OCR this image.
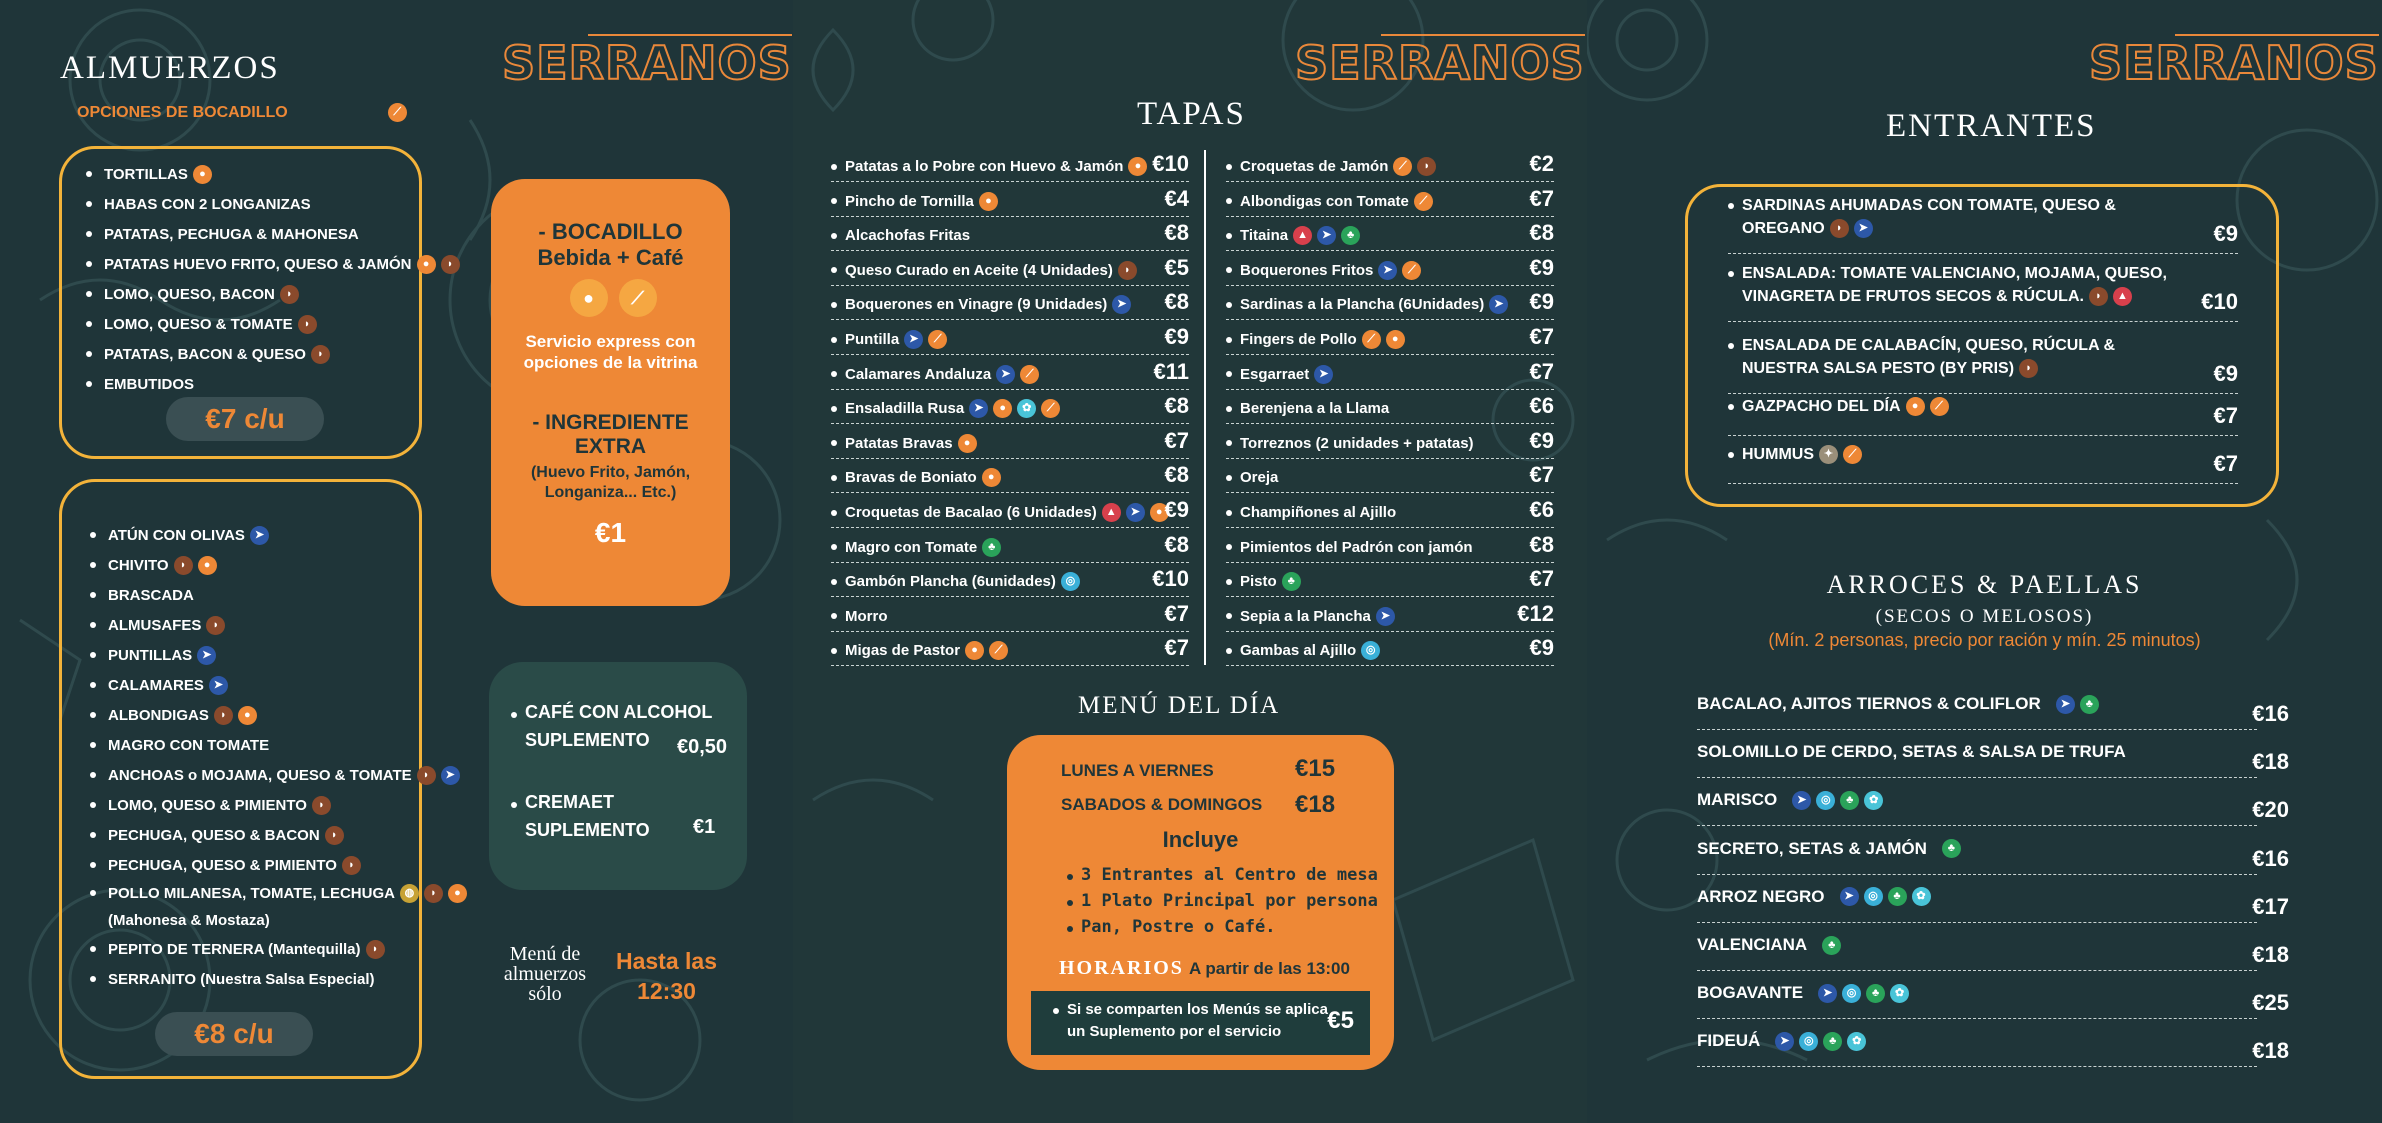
ALMUERZOS
OPCIONES DE BOCADILLO	⟋
SERRANOS
TORTILLAS	●
HABAS CON 2 LONGANIZAS
PATATAS, PECHUGA & MAHONESA
PATATAS HUEVO FRITO, QUESO & JAMÓN	●	◗
LOMO, QUESO, BACON	◗
LOMO, QUESO & TOMATE	◗
PATATAS, BACON & QUESO	◗
EMBUTIDOS
€7 c/u
ATÚN CON OLIVAS ➤
CHIVITO	◗	●
BRASCADA
ALMUSAFES	◗
PUNTILLAS ➤
CALAMARES ➤
ALBONDIGAS	◗	●
MAGRO CON TOMATE
ANCHOAS o MOJAMA, QUESO & TOMATE	◗	➤
LOMO, QUESO & PIMIENTO	◗
PECHUGA, QUESO & BACON	◗
PECHUGA, QUESO & PIMIENTO	◗
POLLO MILANESA, TOMATE, LECHUGA ◍	◗	●
(Mahonesa & Mostaza)
PEPITO DE TERNERA (Mantequilla)	◗
SERRANITO (Nuestra Salsa Especial)
€8 c/u
- BOCADILLO
Bebida + Café
●	⟋
Servicio express con opciones de la vitrina
- INGREDIENTE
EXTRA
(Huevo Frito, Jamón, Longaniza... Etc.)
€1
CAFÉ CON ALCOHOL
SUPLEMENTO €0,50
CREMAET
SUPLEMENTO €1
Menú de almuerzos sólo
Hasta las 12:30
SERRANOS
TAPAS
Patatas a lo Pobre con Huevo & Jamón	● €10
Pincho de Tornilla	●	€4
Alcachofas Fritas	€8
Queso Curado en Aceite (4 Unidades)	◗ €5
Boquerones en Vinagre (9 Unidades) ➤ €8
Puntilla ➤	⟋	€9
Calamares Andaluza ➤	⟋	€11
Ensaladilla Rusa ➤	●	✿	⟋	€8
Patatas Bravas	●	€7
Bravas de Boniato	●	€8
Croquetas de Bacalao (6 Unidades) ▲	➤	● €9
Magro con Tomate ♣	€8
Gambón Plancha (6unidades) ◎	€10
Morro	€7
Migas de Pastor	●	⟋	€7
Croquetas de Jamón ⟋	◗	€2
Albondigas con Tomate ⟋	€7
Titaina ▲	➤	♣	€8
Boquerones Fritos ➤	⟋	€9
Sardinas a la Plancha (6Unidades) ➤ €9
Fingers de Pollo ⟋	●	€7
Esgarraet ➤	€7
Berenjena a la Llama	€6
Torreznos (2 unidades + patatas)	€9
Oreja	€7
Champiñones al Ajillo	€6
Pimientos del Padrón con jamón	€8
Pisto ♣	€7
Sepia a la Plancha ➤	€12
Gambas al Ajillo ◎	€9
MENÚ DEL DÍA
LUNES A VIERNES	€15
SABADOS & DOMINGOS €18
Incluye
3 Entrantes al Centro de mesa
1 Plato Principal por persona
Pan, Postre o Café.
HORARIOS A partir de las 13:00
Si se comparten los Menús se aplica
un Suplemento por el servicio €5
SERRANOS
ENTRANTES
SARDINAS AHUMADAS CON TOMATE, QUESO &
OREGANO	◗	➤	€9
ENSALADA: TOMATE VALENCIANO, MOJAMA, QUESO,
VINAGRETA DE FRUTOS SECOS & RÚCULA.	◗	▲	€10
ENSALADA DE CALABACÍN, QUESO, RÚCULA &
NUESTRA SALSA PESTO (BY PRIS)	◗	€9
GAZPACHO DEL DÍA	●	⟋	€7
HUMMUS ✦	⟋	€7
ARROCES & PAELLAS
(SECOS O MELOSOS)
(Mín. 2 personas, precio por ración y mín. 25 minutos)
BACALAO, AJITOS TIERNOS & COLIFLOR	➤	♣	€16
SOLOMILLO DE CERDO, SETAS & SALSA DE TRUFA	€18
MARISCO	➤	◎	♣	✿	€20
SECRETO, SETAS & JAMÓN	♣	€16
ARROZ NEGRO	➤	◎	♣	✿	€17
VALENCIANA	♣	€18
BOGAVANTE	➤	◎	♣	✿	€25
FIDEUÁ	➤	◎	♣	✿	€18
